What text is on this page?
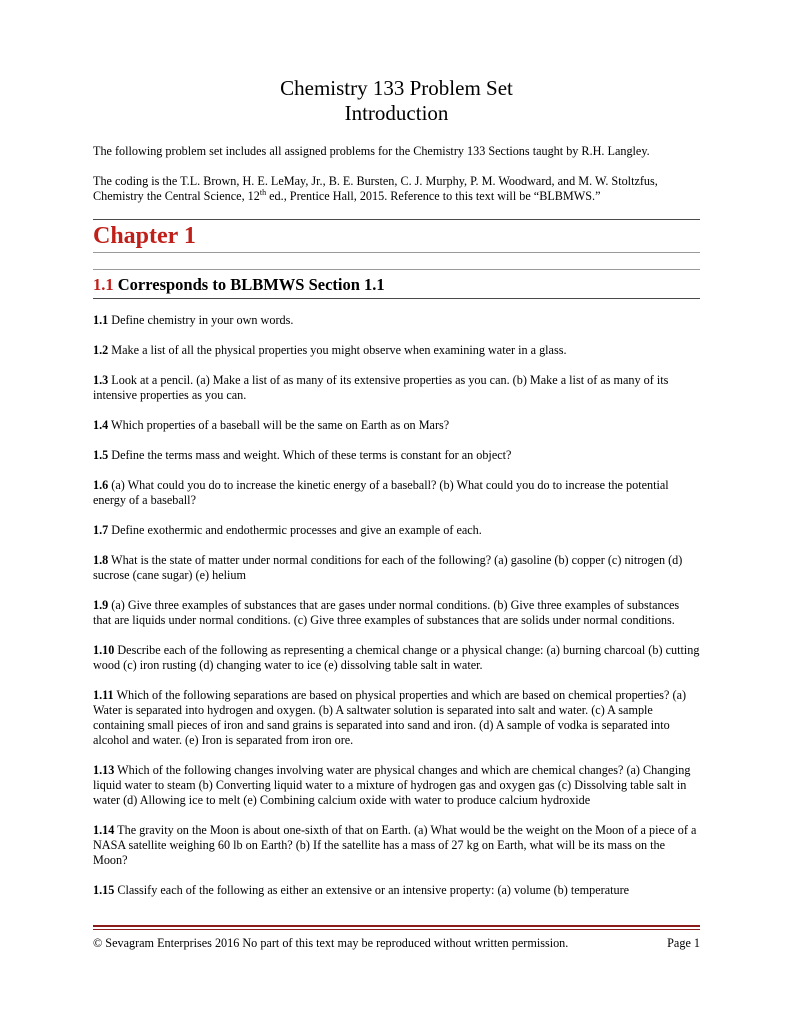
Chemistry 133 Problem Set

Introduction

The following problem set includes all assigned problems for the Chemistry 133 Sections taught by R.H. Langley.

The coding is the T.L. Brown, H. E. LeMay, Jr., B. E. Bursten, C. J. Murphy, P. M. Woodward, and M. W. Stoltzfus, Chemistry the Central Science, 12th ed., Prentice Hall, 2015. Reference to this text will be “BLBMWS.”

Chapter 1
1.1 Corresponds to BLBMWS Section 1.1

1.1 Define chemistry in your own words.

1.2 Make a list of all the physical properties you might observe when examining water in a glass.

1.3 Look at a pencil. (a) Make a list of as many of its extensive properties as you can. (b) Make a list of as many of its intensive properties as you can.

1.4 Which properties of a baseball will be the same on Earth as on Mars?

1.5 Define the terms mass and weight. Which of these terms is constant for an object?

1.6 (a) What could you do to increase the kinetic energy of a baseball? (b) What could you do to increase the potential energy of a baseball?

1.7 Define exothermic and endothermic processes and give an example of each.

1.8 What is the state of matter under normal conditions for each of the following? (a) gasoline (b) copper (c) nitrogen (d) sucrose (cane sugar) (e) helium

1.9 (a) Give three examples of substances that are gases under normal conditions. (b) Give three examples of substances that are liquids under normal conditions. (c) Give three examples of substances that are solids under normal conditions.

1.10 Describe each of the following as representing a chemical change or a physical change: (a) burning charcoal (b) cutting wood (c) iron rusting (d) changing water to ice (e) dissolving table salt in water.

1.11 Which of the following separations are based on physical properties and which are based on chemical properties? (a) Water is separated into hydrogen and oxygen. (b) A saltwater solution is separated into salt and water. (c) A sample containing small pieces of iron and sand grains is separated into sand and iron. (d) A sample of vodka is separated into alcohol and water. (e) Iron is separated from iron ore.

1.13 Which of the following changes involving water are physical changes and which are chemical changes? (a) Changing liquid water to steam (b) Converting liquid water to a mixture of hydrogen gas and oxygen gas (c) Dissolving table salt in water (d) Allowing ice to melt (e) Combining calcium oxide with water to produce calcium hydroxide

1.14 The gravity on the Moon is about one-sixth of that on Earth. (a) What would be the weight on the Moon of a piece of a NASA satellite weighing 60 lb on Earth? (b) If the satellite has a mass of 27 kg on Earth, what will be its mass on the Moon?

1.15 Classify each of the following as either an extensive or an intensive property: (a) volume (b) temperature

© Sevagram Enterprises 2016 No part of this text may be reproduced without written permission.	Page 1
